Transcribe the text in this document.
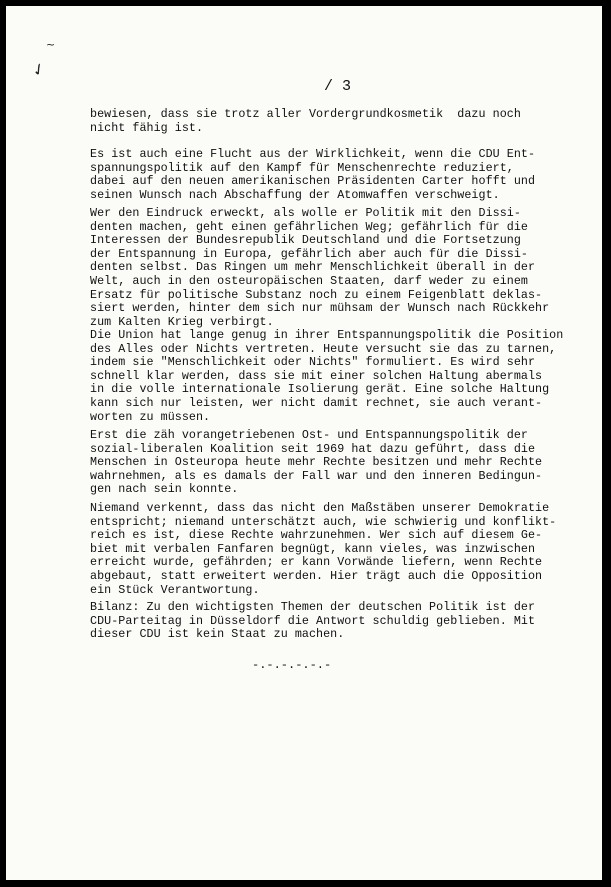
~
✓
/ 3

bewiesen, dass sie trotz aller Vordergrundkosmetik  dazu noch
nicht fähig ist.

Es ist auch eine Flucht aus der Wirklichkeit, wenn die CDU Ent-
spannungspolitik auf den Kampf für Menschenrechte reduziert,
dabei auf den neuen amerikanischen Präsidenten Carter hofft und
seinen Wunsch nach Abschaffung der Atomwaffen verschweigt.

Wer den Eindruck erweckt, als wolle er Politik mit den Dissi-
denten machen, geht einen gefährlichen Weg; gefährlich für die
Interessen der Bundesrepublik Deutschland und die Fortsetzung
der Entspannung in Europa, gefährlich aber auch für die Dissi-
denten selbst. Das Ringen um mehr Menschlichkeit überall in der
Welt, auch in den osteuropäischen Staaten, darf weder zu einem
Ersatz für politische Substanz noch zu einem Feigenblatt deklas-
siert werden, hinter dem sich nur mühsam der Wunsch nach Rückkehr
zum Kalten Krieg verbirgt.

Die Union hat lange genug in ihrer Entspannungspolitik die Position
des Alles oder Nichts vertreten. Heute versucht sie das zu tarnen,
indem sie "Menschlichkeit oder Nichts" formuliert. Es wird sehr
schnell klar werden, dass sie mit einer solchen Haltung abermals
in die volle internationale Isolierung gerät. Eine solche Haltung
kann sich nur leisten, wer nicht damit rechnet, sie auch verant-
worten zu müssen.

Erst die zäh vorangetriebenen Ost- und Entspannungspolitik der
sozial-liberalen Koalition seit 1969 hat dazu geführt, dass die
Menschen in Osteuropa heute mehr Rechte besitzen und mehr Rechte
wahrnehmen, als es damals der Fall war und den inneren Bedingun-
gen nach sein konnte.

Niemand verkennt, dass das nicht den Maßstäben unserer Demokratie
entspricht; niemand unterschätzt auch, wie schwierig und konflikt-
reich es ist, diese Rechte wahrzunehmen. Wer sich auf diesem Ge-
biet mit verbalen Fanfaren begnügt, kann vieles, was inzwischen
erreicht wurde, gefährden; er kann Vorwände liefern, wenn Rechte
abgebaut, statt erweitert werden. Hier trägt auch die Opposition
ein Stück Verantwortung.

Bilanz: Zu den wichtigsten Themen der deutschen Politik ist der
CDU-Parteitag in Düsseldorf die Antwort schuldig geblieben. Mit
dieser CDU ist kein Staat zu machen.

-.-.-.-.-.-
